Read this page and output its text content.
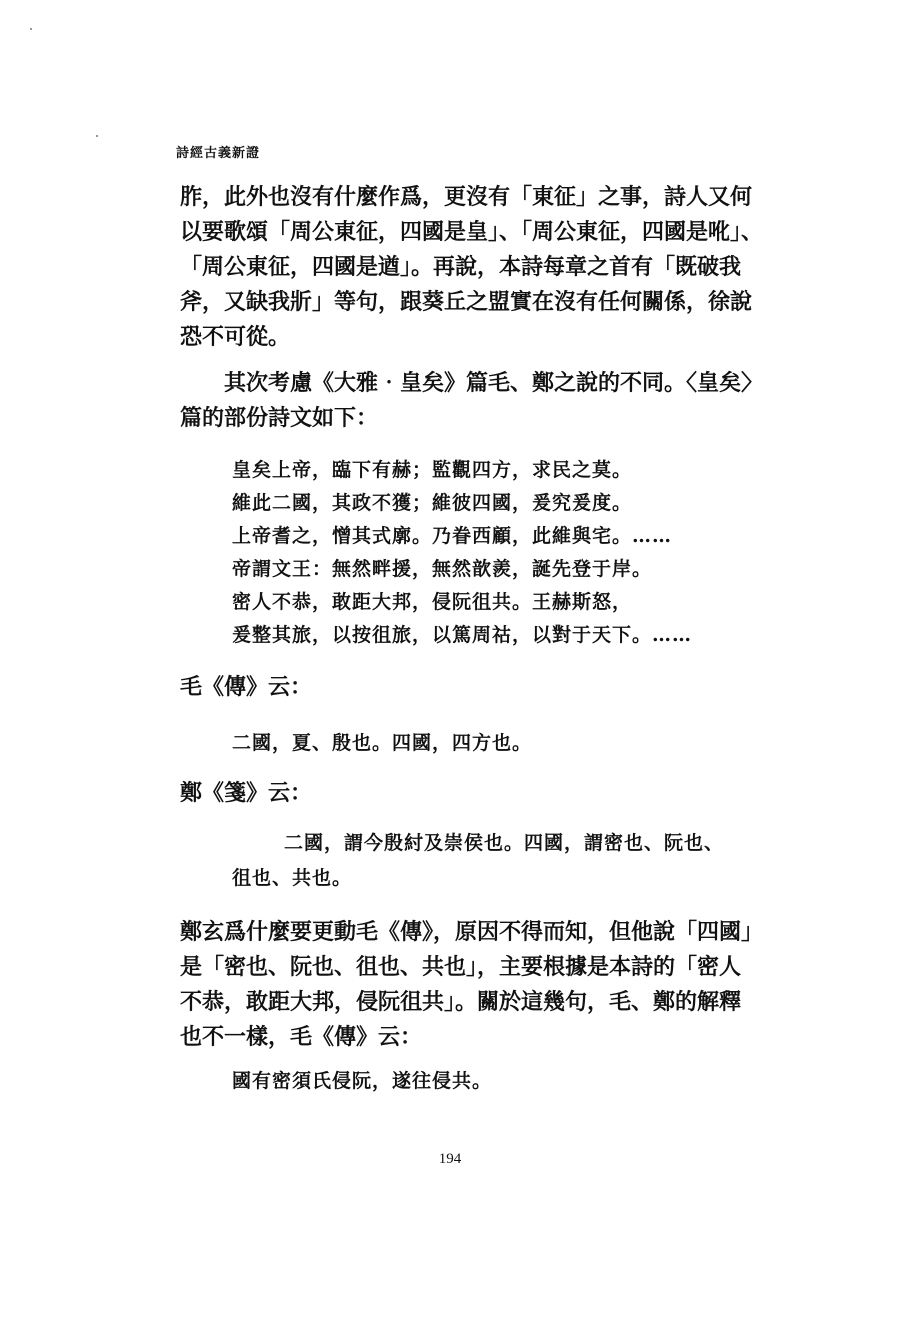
詩經古義新證
胙，此外也沒有什麼作爲，更沒有「東征」之事，詩人又何
以要歌頌「周公東征，四國是皇」、「周公東征，四國是吪」、
「周公東征，四國是遒」。再說，本詩每章之首有「既破我
斧，又缺我斨」等句，跟葵丘之盟實在沒有任何關係，徐說
恐不可從。
　　其次考慮《大雅‧皇矣》篇毛、鄭之說的不同。〈皇矣〉
篇的部份詩文如下：
皇矣上帝，臨下有赫；監觀四方，求民之莫。
維此二國，其政不獲；維彼四國，爰究爰度。
上帝耆之，憎其式廓。乃眷西顧，此維與宅。……
帝謂文王：無然畔援，無然歆羨，誕先登于岸。
密人不恭，敢距大邦，侵阮徂共。王赫斯怒，
爰整其旅，以按徂旅，以篤周祜，以對于天下。……
毛《傳》云：
二國，夏、殷也。四國，四方也。
鄭《箋》云：
二國，謂今殷紂及崇侯也。四國，謂密也、阮也、
徂也、共也。
鄭玄爲什麼要更動毛《傳》，原因不得而知，但他說「四國」
是「密也、阮也、徂也、共也」，主要根據是本詩的「密人
不恭，敢距大邦，侵阮徂共」。關於這幾句，毛、鄭的解釋
也不一樣，毛《傳》云：
國有密須氏侵阮，遂往侵共。
194
